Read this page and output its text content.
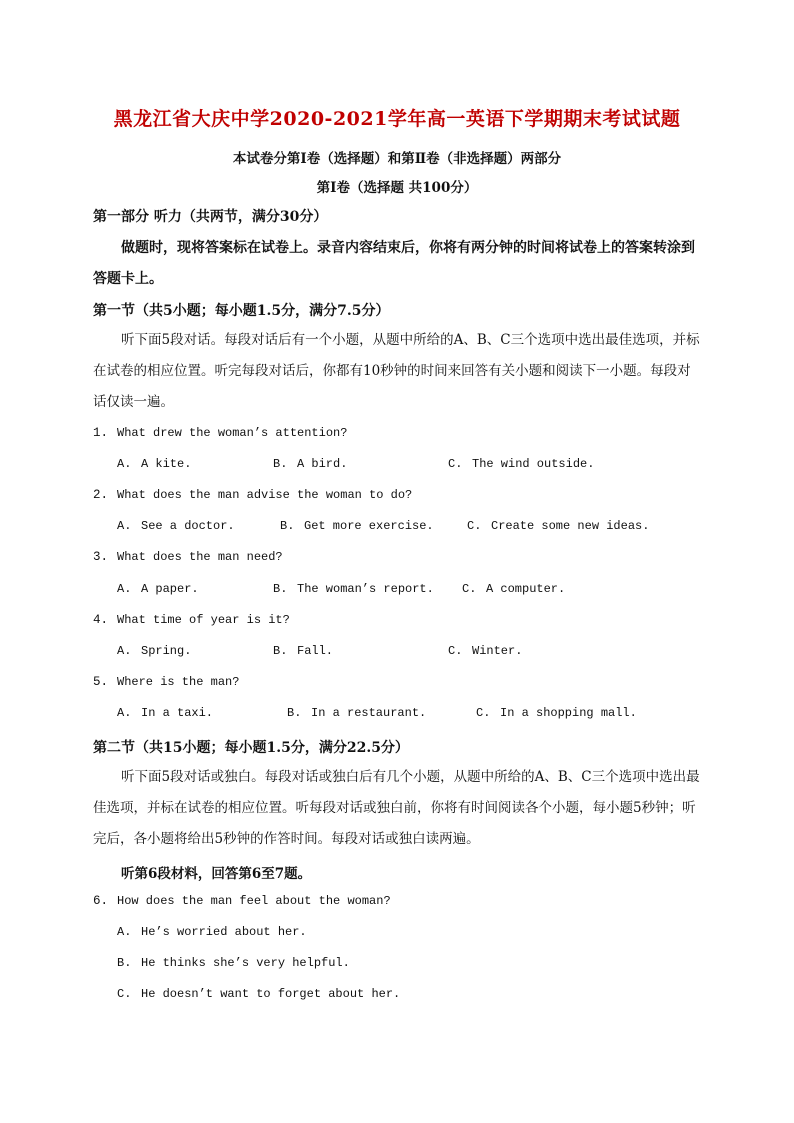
黑龙江省大庆中学2020-2021学年高一英语下学期期末考试试题
本试卷分第Ⅰ卷（选择题）和第Ⅱ卷（非选择题）两部分
第Ⅰ卷（选择题 共100分）
第一部分 听力（共两节，满分30分）
做题时，现将答案标在试卷上。录音内容结束后，你将有两分钟的时间将试卷上的答案转涂到答题卡上。
第一节（共5小题；每小题1.5分，满分7.5分）
听下面5段对话。每段对话后有一个小题，从题中所给的A、B、C三个选项中选出最佳选项，并标在试卷的相应位置。听完每段对话后，你都有10秒钟的时间来回答有关小题和阅读下一小题。每段对话仅读一遍。
1. What drew the woman’s attention?
A. A kite.	B. A bird.	C. The wind outside.
2. What does the man advise the woman to do?
A. See a doctor.	B. Get more exercise.	C. Create some new ideas.
3. What does the man need?
A. A paper.	B. The woman’s report. C. A computer.
4. What time of year is it?
A. Spring.	B. Fall.	C. Winter.
5. Where is the man?
A. In a taxi.	B. In a restaurant.	C. In a shopping mall.
第二节（共15小题；每小题1.5分，满分22.5分）
听下面5段对话或独白。每段对话或独白后有几个小题，从题中所给的A、B、C三个选项中选出最佳选项，并标在试卷的相应位置。听每段对话或独白前，你将有时间阅读各个小题，每小题5秒钟；听完后，各小题将给出5秒钟的作答时间。每段对话或独白读两遍。
听第6段材料，回答第6至7题。
6. How does the man feel about the woman?
A. He’s worried about her.
B. He thinks she’s very helpful.
C. He doesn’t want to forget about her.
